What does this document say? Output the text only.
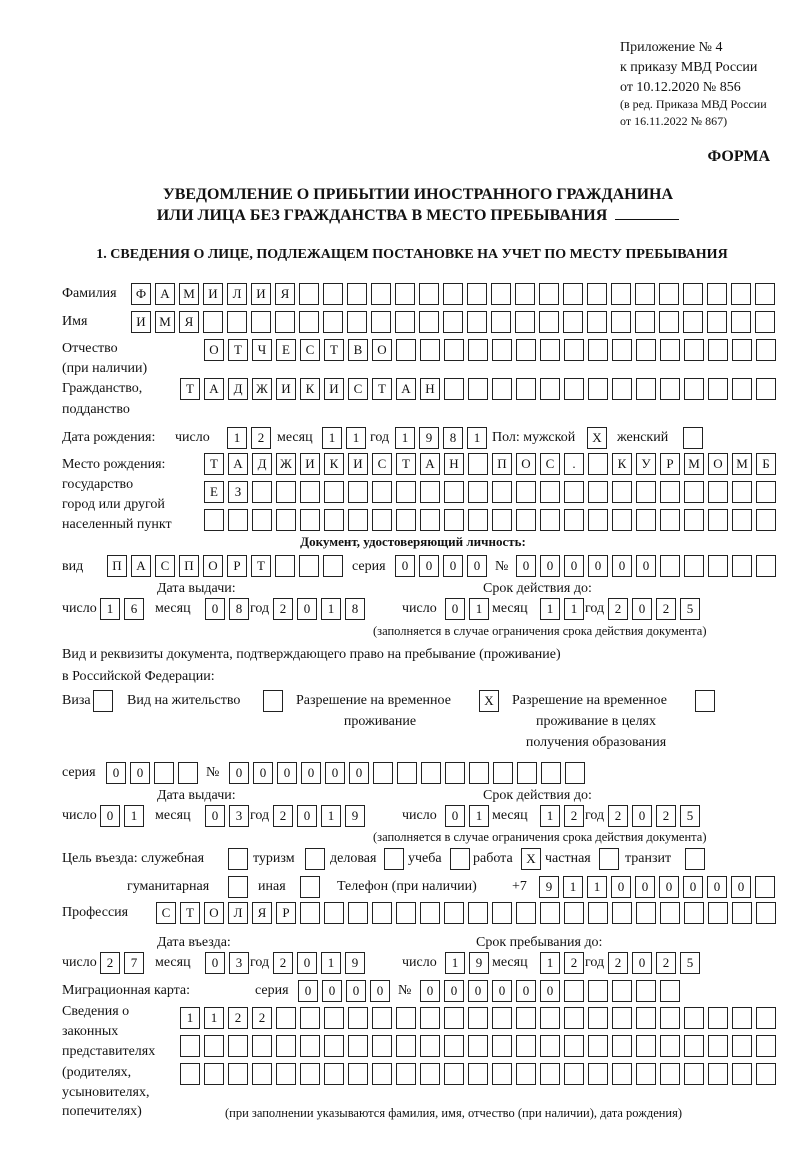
Приложение № 4
к приказу МВД России
от 10.12.2020 № 856
(в ред. Приказа МВД России
от 16.11.2022 № 867)
ФОРМА
УВЕДОМЛЕНИЕ О ПРИБЫТИИ ИНОСТРАННОГО ГРАЖДАНИНА
ИЛИ ЛИЦА БЕЗ ГРАЖДАНСТВА В МЕСТО ПРЕБЫВАНИЯ
1. СВЕДЕНИЯ О ЛИЦЕ, ПОДЛЕЖАЩЕМ ПОСТАНОВКЕ НА УЧЕТ ПО МЕСТУ ПРЕБЫВАНИЯ
Фамилия	Ф	А	М	И	Л	И	Я
Имя	И	М	Я
Отчество
(при наличии)
О	Т	Ч	Е	С	Т	В	О
Гражданство,
подданство
Т	А	Д	Ж	И	К	И	С	Т	А	Н
Дата рождения: число	1	2 месяц	1	1 год 1	9	8	1 Пол: мужской	X	женский
Место рождения:
государство
город или другой
населенный пункт
Т	А	Д	Ж	И	К	И	С	Т	А	Н	П	О	С	.	К	У	Р	М	О	М	Б
Е	З
Документ, удостоверяющий личность:
вид	П	А	С	П	О	Р	Т	серия	0	0	0	0	№	0	0	0	0	0	0
Дата выдачи:	Срок действия до:
число 1	6	месяц	0	8 год 2	0	1	8	число	0	1 месяц	1	1 год 2	0	2	5
(заполняется в случае ограничения срока действия документа)
Вид и реквизиты документа, подтверждающего право на пребывание (проживание)
в Российской Федерации:
Виза	Вид на жительство	Разрешение на временное
проживание
X	Разрешение на временное
проживание в целях
получения образования
серия	0	0	№	0	0	0	0	0	0
Дата выдачи:	Срок действия до:
число 0	1	месяц	0	3 год 2	0	1	9	число	0	1 месяц	1	2 год 2	0	2	5
(заполняется в случае ограничения срока действия документа)
Цель въезда: служебная	туризм	деловая учеба работа	X частная транзит
гуманитарная	иная	Телефон (при наличии)	+7	9	1	1	0	0	0	0	0	0
Профессия	С	Т	О	Л	Я	Р
Дата въезда:	Срок пребывания до:
число 2	7	месяц	0	3 год 2	0	1	9	число	1	9 месяц	1	2 год 2	0	2	5
Миграционная карта:	серия	0	0	0	0	№	0	0	0	0	0	0
Сведения о
законных
представителях
(родителях,
усыновителях,
попечителях)
1	1	2	2
(при заполнении указываются фамилия, имя, отчество (при наличии), дата рождения)
